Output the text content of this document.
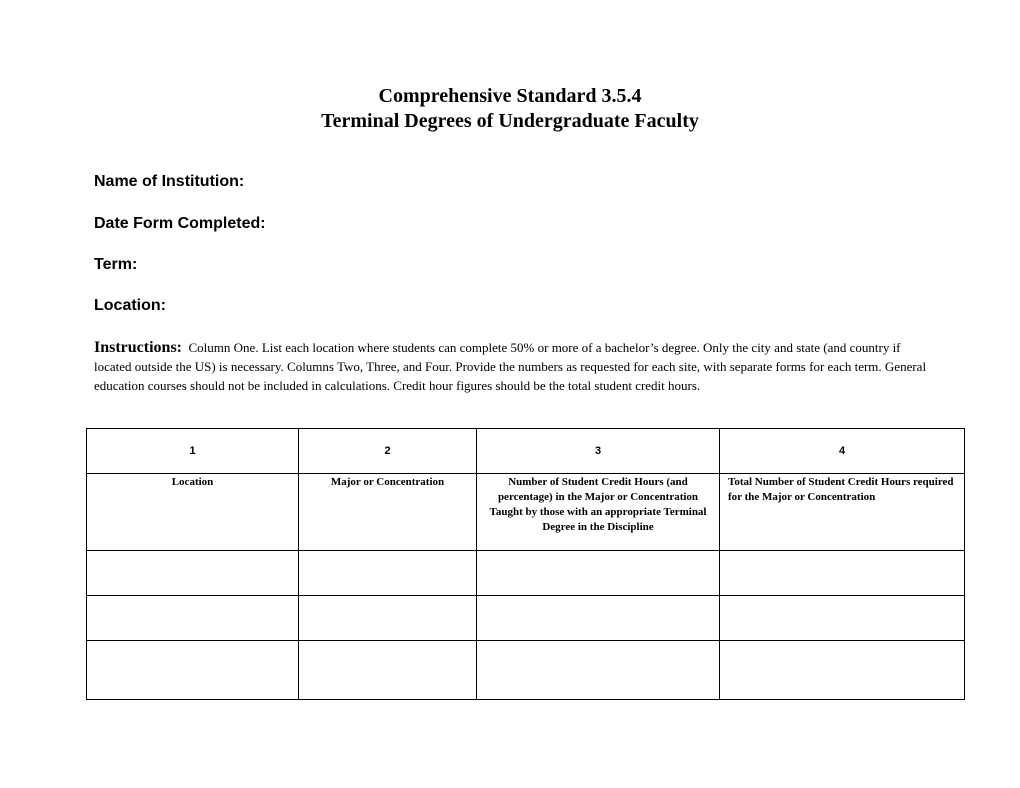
Comprehensive Standard 3.5.4
Terminal Degrees of Undergraduate Faculty
Name of Institution:
Date Form Completed:
Term:
Location:
Instructions: Column One. List each location where students can complete 50% or more of a bachelor’s degree. Only the city and state (and country if located outside the US) is necessary. Columns Two, Three, and Four. Provide the numbers as requested for each site, with separate forms for each term. General education courses should not be included in calculations. Credit hour figures should be the total student credit hours.
1	2	3	4
Location	Major or Concentration	Number of Student Credit Hours (and percentage) in the Major or Concentration Taught by those with an appropriate Terminal Degree in the Discipline	Total Number of Student Credit Hours required for the Major or Concentration
